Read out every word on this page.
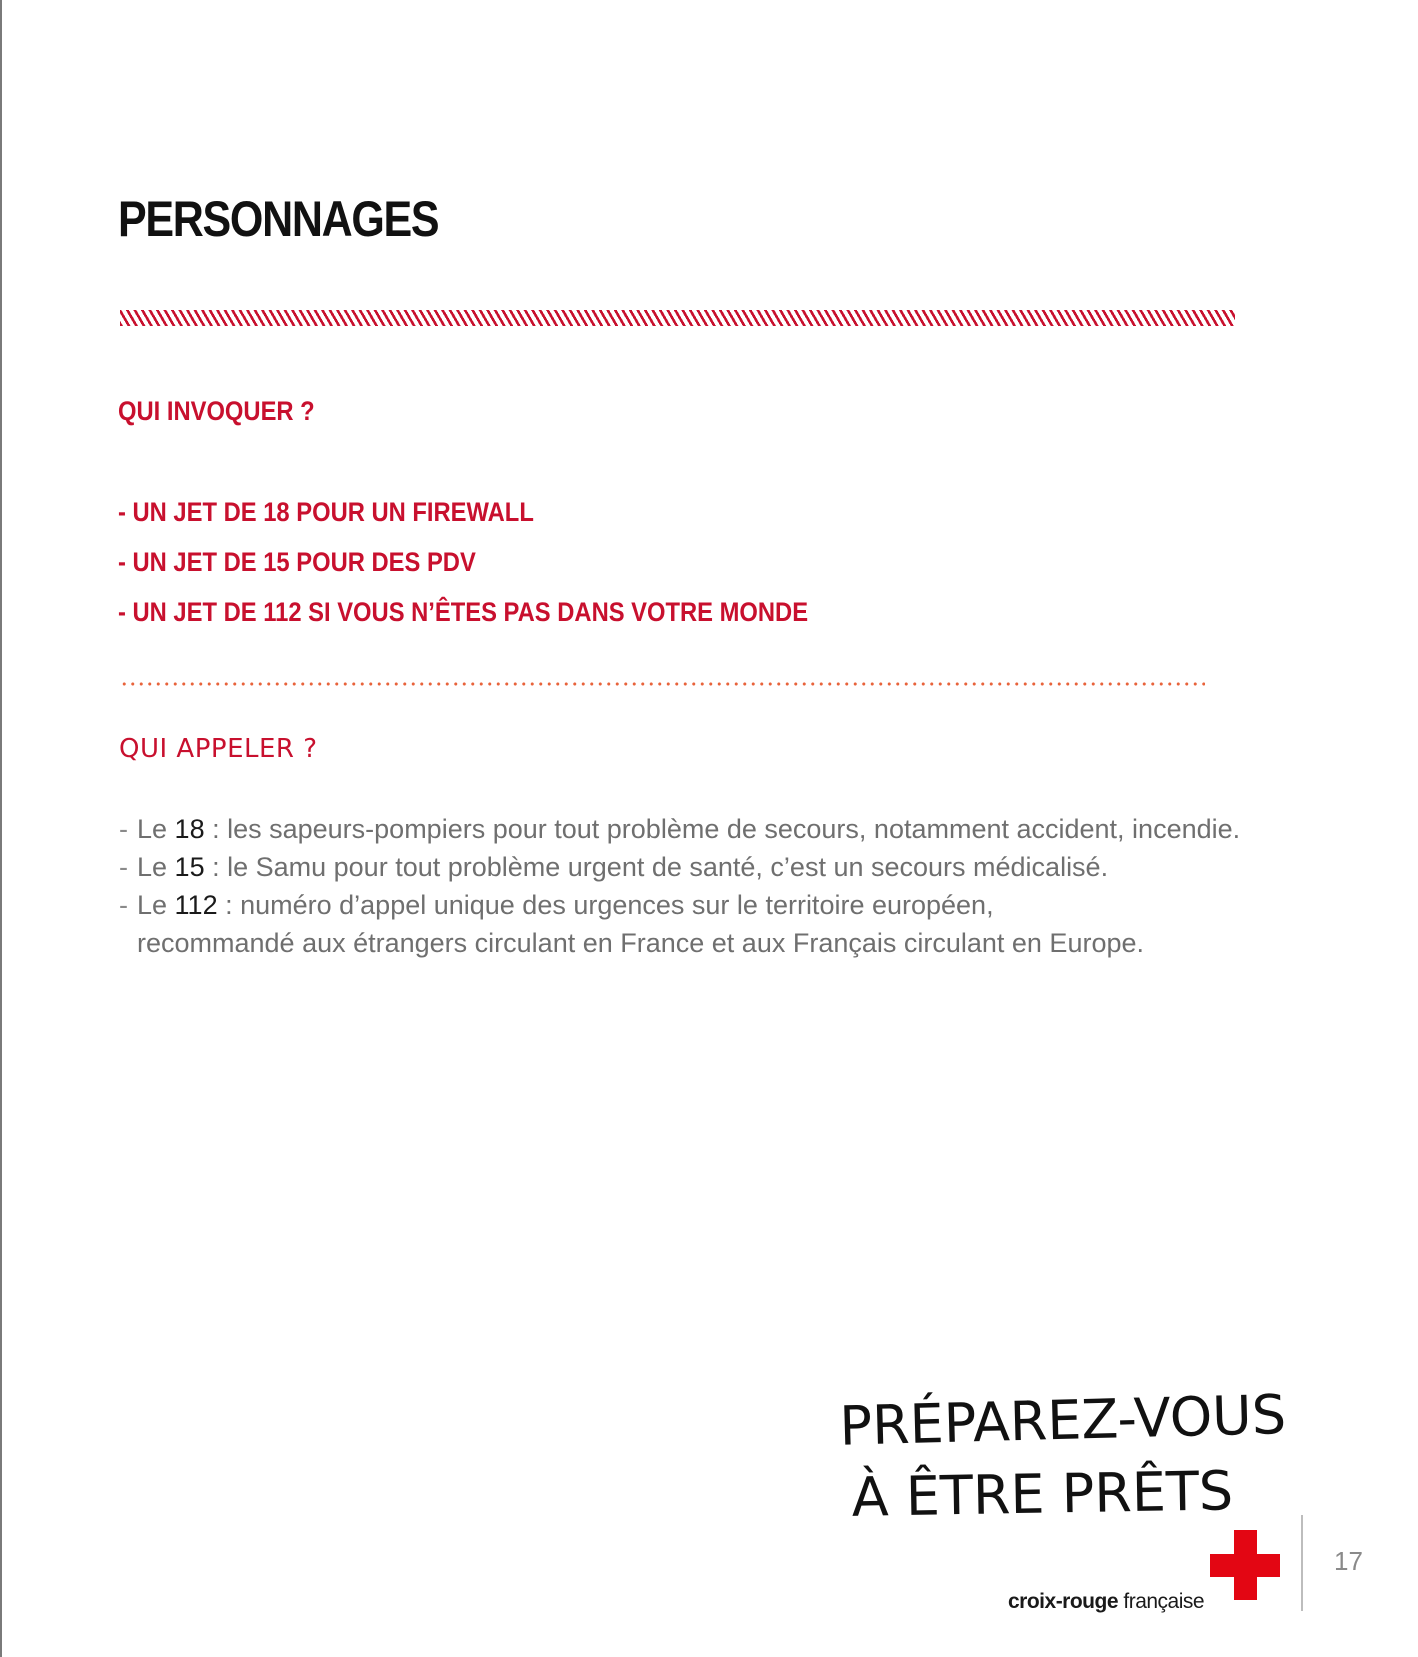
PERSONNAGES
QUI INVOQUER ?
- UN JET DE 18 POUR UN FIREWALL
- UN JET DE 15 POUR DES PDV
- UN JET DE 112 SI VOUS N’ÊTES PAS DANS VOTRE MONDE
QUI APPELER ?
- Le 18 : les sapeurs-pompiers pour tout problème de secours, notamment accident, incendie.
- Le 15 : le Samu pour tout problème urgent de santé, c’est un secours médicalisé.
- Le 112 : numéro d’appel unique des urgences sur le territoire européen,
recommandé aux étrangers circulant en France et aux Français circulant en Europe.
PRÉPAREZ-VOUS
À ÊTRE PRÊTS
croix-rouge française
17
